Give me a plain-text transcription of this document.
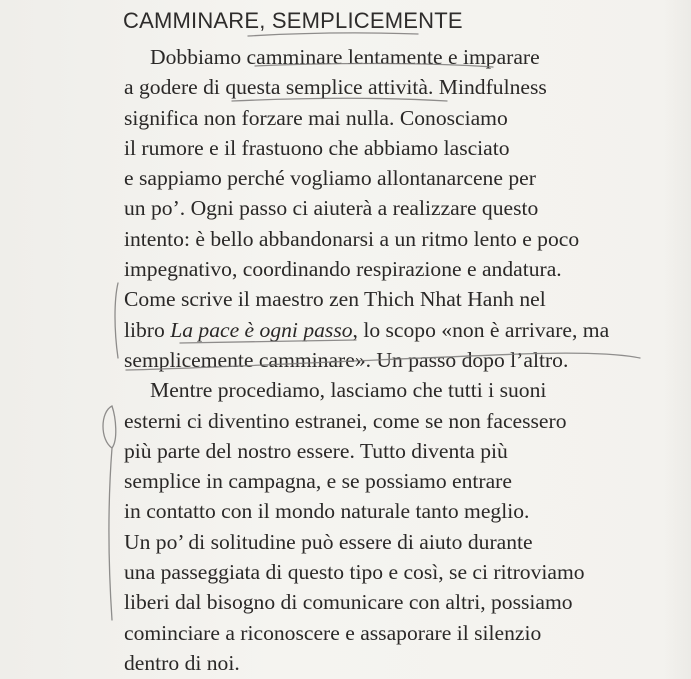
CAMMINARE, SEMPLICEMENTE
Dobbiamo camminare lentamente e imparare
a godere di questa semplice attività. Mindfulness
significa non forzare mai nulla. Conosciamo
il rumore e il frastuono che abbiamo lasciato
e sappiamo perché vogliamo allontanarcene per
un po’. Ogni passo ci aiuterà a realizzare questo
intento: è bello abbandonarsi a un ritmo lento e poco
impegnativo, coordinando respirazione e andatura.
Come scrive il maestro zen Thich Nhat Hanh nel
libro La pace è ogni passo, lo scopo «non è arrivare, ma
semplicemente camminare». Un passo dopo l’altro.
Mentre procediamo, lasciamo che tutti i suoni
esterni ci diventino estranei, come se non facessero
più parte del nostro essere. Tutto diventa più
semplice in campagna, e se possiamo entrare
in contatto con il mondo naturale tanto meglio.
Un po’ di solitudine può essere di aiuto durante
una passeggiata di questo tipo e così, se ci ritroviamo
liberi dal bisogno di comunicare con altri, possiamo
cominciare a riconoscere e assaporare il silenzio
dentro di noi.
